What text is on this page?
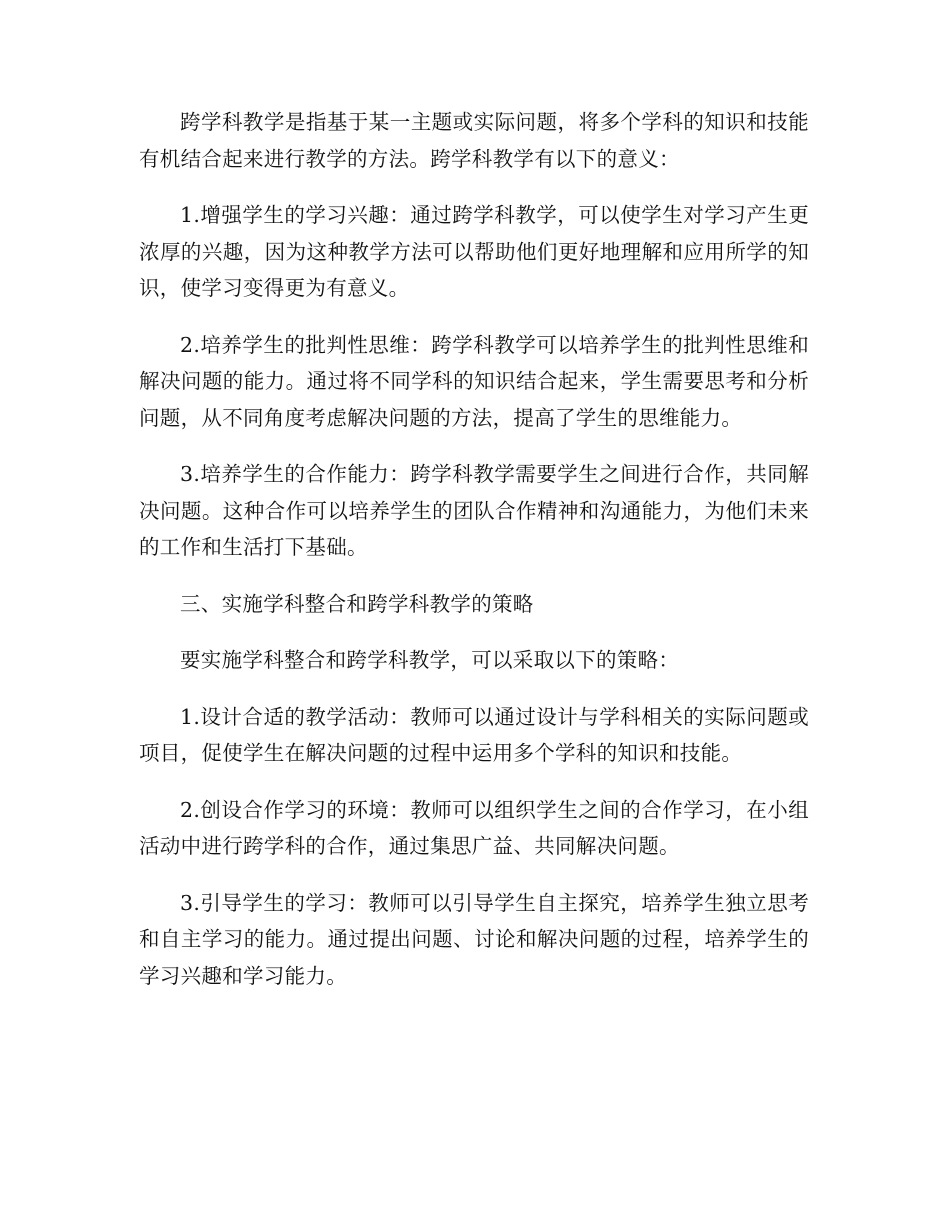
跨学科教学是指基于某一主题或实际问题，将多个学科的知识和技能有机结合起来进行教学的方法。跨学科教学有以下的意义：

1.增强学生的学习兴趣：通过跨学科教学，可以使学生对学习产生更浓厚的兴趣，因为这种教学方法可以帮助他们更好地理解和应用所学的知识，使学习变得更为有意义。

2.培养学生的批判性思维：跨学科教学可以培养学生的批判性思维和解决问题的能力。通过将不同学科的知识结合起来，学生需要思考和分析问题，从不同角度考虑解决问题的方法，提高了学生的思维能力。

3.培养学生的合作能力：跨学科教学需要学生之间进行合作，共同解决问题。这种合作可以培养学生的团队合作精神和沟通能力，为他们未来的工作和生活打下基础。

三、实施学科整合和跨学科教学的策略

要实施学科整合和跨学科教学，可以采取以下的策略：

1.设计合适的教学活动：教师可以通过设计与学科相关的实际问题或项目，促使学生在解决问题的过程中运用多个学科的知识和技能。

2.创设合作学习的环境：教师可以组织学生之间的合作学习，在小组活动中进行跨学科的合作，通过集思广益、共同解决问题。

3.引导学生的学习：教师可以引导学生自主探究，培养学生独立思考和自主学习的能力。通过提出问题、讨论和解决问题的过程，培养学生的学习兴趣和学习能力。
